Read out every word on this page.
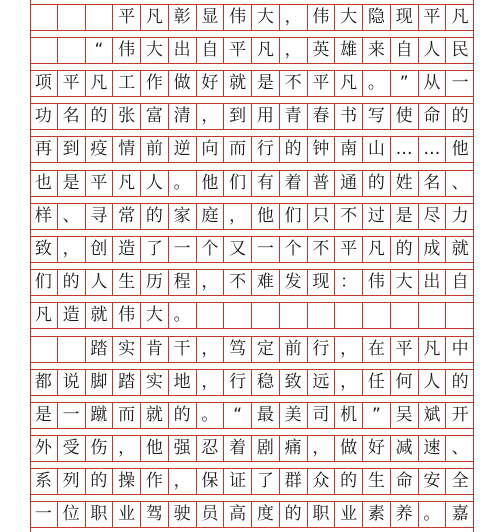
平 凡 彰 显 伟 大 ， 伟 大 隐 现 平 凡

“ 伟 大 出 自 平 凡 ， 英 雄 来 自 人 民
项 平 凡 工 作 做 好 就 是 不 平 凡 。 ” 从 一
功 名 的 张 富 清 ， 到 用 青 春 书 写 使 命 的
再 到 疫 情 前 逆 向 而 行 的 钟 南 山 … … 他
也 是 平 凡 人 。 他 们 有 着 普 通 的 姓 名 、
样 、 寻 常 的 家 庭 ， 他 们 只 不 过 是 尽 力
致 ， 创 造 了 一 个 又 一 个 不 平 凡 的 成 就
们 的 人 生 历 程 ， 不 难 发 现 ： 伟 大 出 自
凡 造 就 伟 大 。

踏 实 肯 干 ， 笃 定 前 行 ， 在 平 凡 中
都 说 脚 踏 实 地 ， 行 稳 致 远 ， 任 何 人 的
是 一 蹴 而 就 的 。 “ 最 美 司 机 ” 吴 斌 开
外 受 伤 ， 他 强 忍 着 剧 痛 ， 做 好 减 速 、
系 列 的 操 作 ， 保 证 了 群 众 的 生 命 安 全
一 位 职 业 驾 驶 员 高 度 的 职 业 素 养 。 嘉
